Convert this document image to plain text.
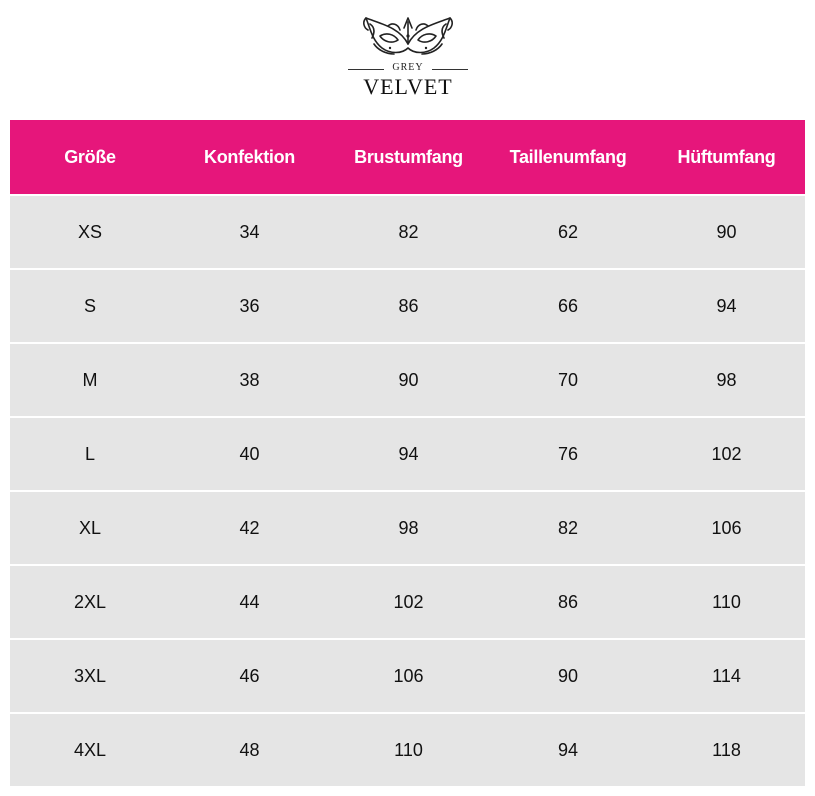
GREY
VELVET
Größe	Konfektion	Brustumfang	Taillenumfang	Hüftumfang
XS	34	82	62	90
S	36	86	66	94
M	38	90	70	98
L	40	94	76	102
XL	42	98	82	106
2XL	44	102	86	110
3XL	46	106	90	114
4XL	48	110	94	118
